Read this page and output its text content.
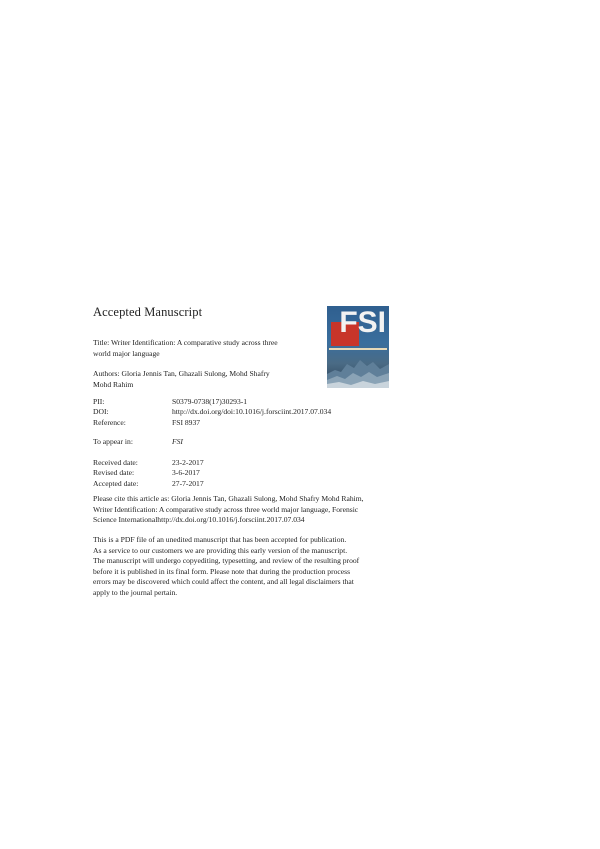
Accepted Manuscript
Title: Writer Identification: A comparative study across three
world major language
Authors: Gloria Jennis Tan, Ghazali Sulong, Mohd Shafry
Mohd Rahim
PII:	S0379-0738(17)30293-1
DOI:	http://dx.doi.org/doi:10.1016/j.forsciint.2017.07.034
Reference:	FSI 8937
To appear in:	FSI
Received date:	23-2-2017
Revised date:	3-6-2017
Accepted date:	27-7-2017
Please cite this article as: Gloria Jennis Tan, Ghazali Sulong, Mohd Shafry Mohd Rahim,
Writer Identification: A comparative study across three world major language, Forensic
Science Internationalhttp://dx.doi.org/10.1016/j.forsciint.2017.07.034
This is a PDF file of an unedited manuscript that has been accepted for publication.
As a service to our customers we are providing this early version of the manuscript.
The manuscript will undergo copyediting, typesetting, and review of the resulting proof
before it is published in its final form. Please note that during the production process
errors may be discovered which could affect the content, and all legal disclaimers that
apply to the journal pertain.
FSI
